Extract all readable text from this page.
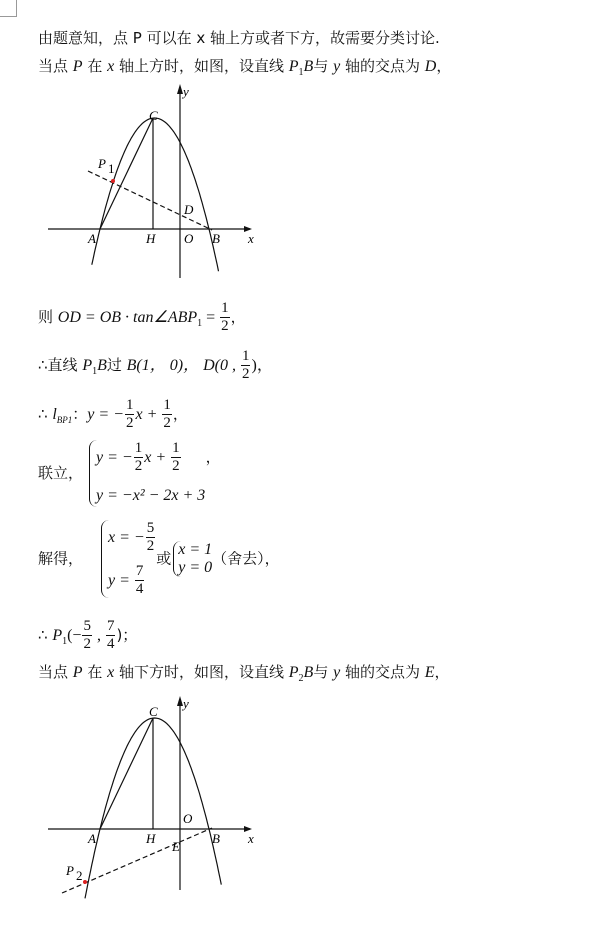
由题意知，点 P 可以在 x 轴上方或者下方，故需要分类讨论.
当点 P 在 x 轴上方时，如图，设直线 $P_1B$与 y 轴的交点为 D，
y
C
P 1
D
A	H O B x
则 OD = OB · $\tan\angle ABP_1 = \frac{1}{2}$ ，
∴直线 $P_1B$过 B(1， 0)， D(0 , $\frac{1}{2}$ )，
∴ $l_{BP1}$：y = − $\frac{1}{2}$ $x + \frac{1}{2}$ ，
联立，
y = − $\frac{1}{2}$ $x + \frac{1}{2}$ ，
y = −x² − 2x + 3
解得，
x = − $\frac{5}{2}$
$y = \frac{7}{4}$
或 x = 1
y = 0 （舍去），
∴ $P_1(- \frac{5}{2}$ , $\frac{7}{4}$ )；
当点 P 在 x 轴下方时，如图，设直线 $P_2B$与 y 轴的交点为 E，
y
C
O
E
A	H	B x
P 2
